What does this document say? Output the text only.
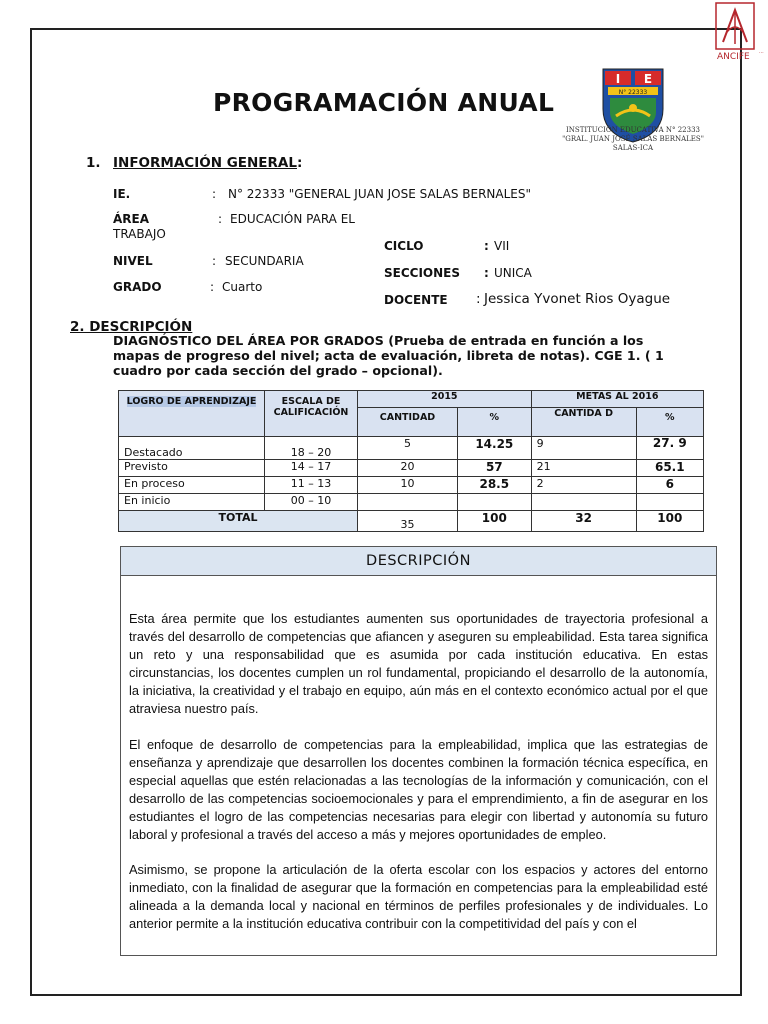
ANCIFE ···
I E
N° 22333
INSTITUCIÓN EDUCATIVA N° 22333
"GRAL. JUAN JOSÉ SALAS BERNALES"
SALAS-ICA
PROGRAMACIÓN ANUAL
1. INFORMACIÓN GENERAL:
IE.	: N° 22333 "GENERAL JUAN JOSE SALAS BERNALES"
ÁREA	: EDUCACIÓN PARA EL
TRABAJO
NIVEL	: SECUNDARIA
GRADO	: Cuarto
CICLO	: VII
SECCIONES : UNICA
DOCENTE : Jessica Yvonet Rios Oyague
2. DESCRIPCIÓN
DIAGNÓSTICO DEL ÁREA POR GRADOS (Prueba de entrada en función a los mapas de progreso del nivel; acta de evaluación, libreta de notas). CGE 1. ( 1 cuadro por cada sección del grado – opcional).
LOGRO DE APRENDIZAJE	ESCALA DE CALIFICACIÓN	2015		METAS AL 2016	
		CANTIDAD	%	CANTIDA D	%
Destacado	18 – 20	5	14.25	9	27. 9
Previsto	14 – 17	20	57	21	65.1
En proceso	11 – 13	10	28.5	2	6
En inicio	00 – 10				
TOTAL		35	100	32	100
DESCRIPCIÓN

Esta área permite que los estudiantes aumenten sus oportunidades de trayectoria profesional a través del desarrollo de competencias que afiancen y aseguren su empleabilidad. Esta tarea significa un reto y una responsabilidad que es asumida por cada institución educativa. En estas circunstancias, los docentes cumplen un rol fundamental, propiciando el desarrollo de la autonomía, la iniciativa, la creatividad y el trabajo en equipo, aún más en el contexto económico actual por el que atraviesa nuestro país.

El enfoque de desarrollo de competencias para la empleabilidad, implica que las estrategias de enseñanza y aprendizaje que desarrollen los docentes combinen la formación técnica específica, en especial aquellas que estén relacionadas a las tecnologías de la información y comunicación, con el desarrollo de las competencias socioemocionales y para el emprendimiento, a fin de asegurar en los estudiantes el logro de las competencias necesarias para elegir con libertad y autonomía su futuro laboral y profesional a través del acceso a más y mejores oportunidades de empleo.

Asimismo, se propone la articulación de la oferta escolar con los espacios y actores del entorno inmediato, con la finalidad de asegurar que la formación en competencias para la empleabilidad esté alineada a la demanda local y nacional en términos de perfiles profesionales y de individuales. Lo anterior permite a la institución educativa contribuir con la competitividad del país y con el
